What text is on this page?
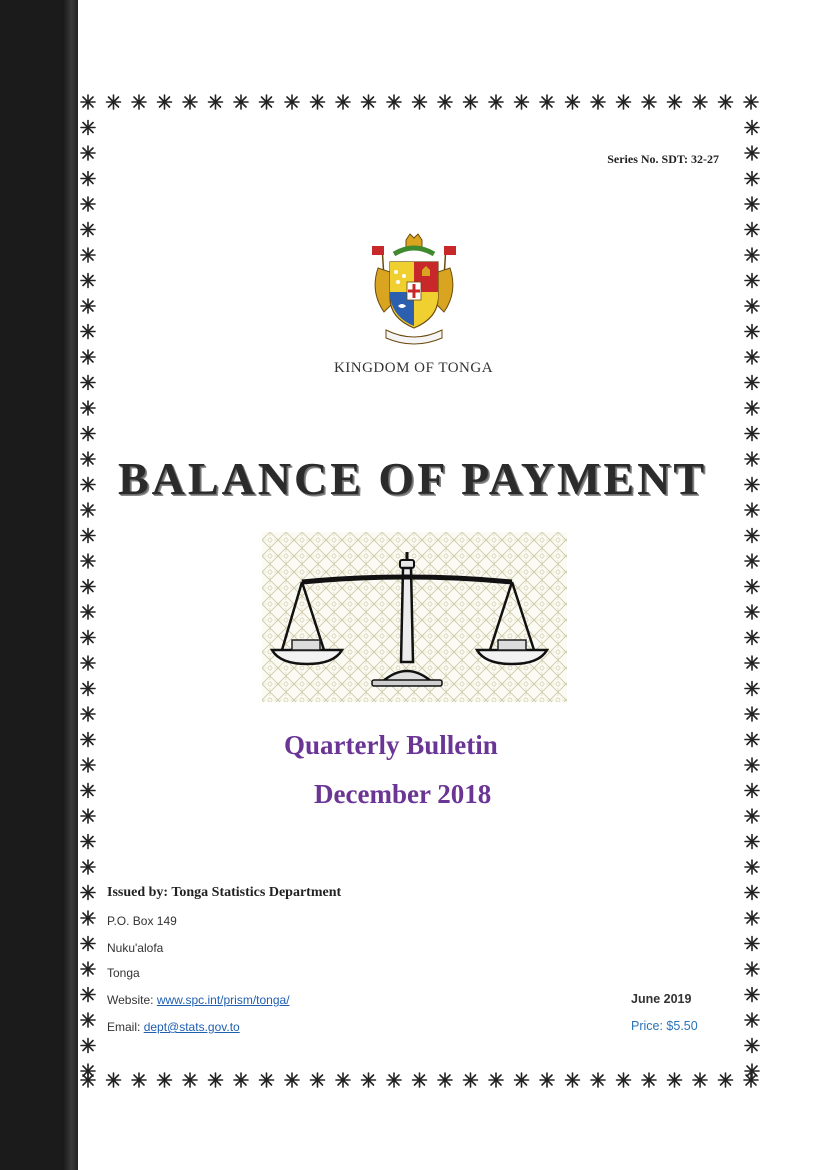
Series No. SDT: 32-27
KINGDOM OF TONGA
BALANCE OF PAYMENT
Quarterly Bulletin
December 2018
Issued by: Tonga Statistics Department
P.O. Box 149
Nuku'alofa
Tonga
Website: www.spc.int/prism/tonga/
Email: dept@stats.gov.to
June 2019
Price: $5.50
